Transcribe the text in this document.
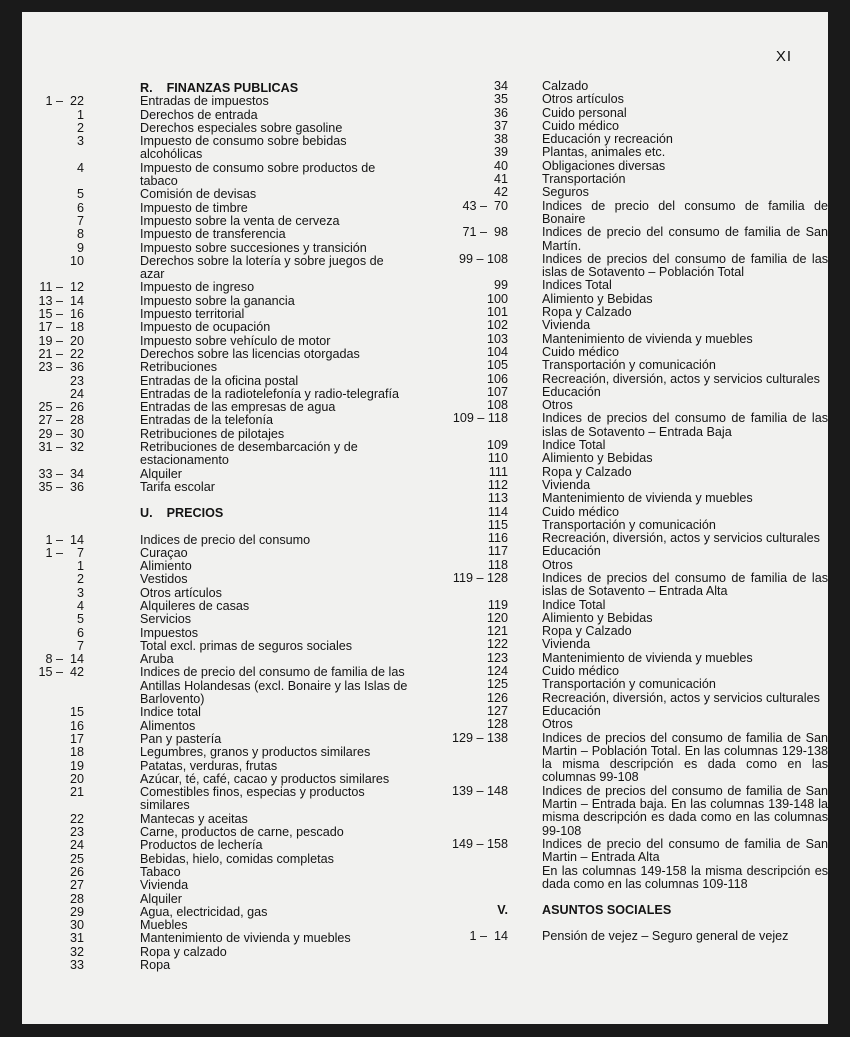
XI
R.    FINANZAS PUBLICAS
1 –  22	Entradas de impuestos
1	Derechos de entrada
2	Derechos especiales sobre gasoline
3	Impuesto de consumo sobre bebidas alcohólicas
4	Impuesto de consumo sobre productos de tabaco
5	Comisión de devisas
6	Impuesto de timbre
7	Impuesto sobre la venta de cerveza
8	Impuesto de transferencia
9	Impuesto sobre succesiones y transición
10	Derechos sobre la lotería y sobre juegos de azar
11 –  12	Impuesto de ingreso
13 –  14	Impuesto sobre la ganancia
15 –  16	Impuesto territorial
17 –  18	Impuesto de ocupación
19 –  20	Impuesto sobre vehículo de motor
21 –  22	Derechos sobre las licencias otorgadas
23 –  36	Retribuciones
23	Entradas de la oficina postal
24	Entradas de la radiotelefonía y radio-telegrafía
25 –  26	Entradas de las empresas de agua
27 –  28	Entradas de la telefonía
29 –  30	Retribuciones de pilotajes
31 –  32	Retribuciones de desembarcación y de estacionamento
33 –  34	Alquiler
35 –  36	Tarifa escolar
U.    PRECIOS
1 –  14	Indices de precio del consumo
1 –    7	Curaçao
1	Alimiento
2	Vestidos
3	Otros artículos
4	Alquileres de casas
5	Servicios
6	Impuestos
7	Total excl. primas de seguros sociales
8 –  14	Aruba
15 –  42	Indices de precio del consumo de familia de las Antillas Holandesas (excl. Bonaire y las Islas de Barlovento)
15	Indice total
16	Alimentos
17	Pan y pastería
18	Legumbres, granos y productos similares
19	Patatas, verduras, frutas
20	Azúcar, té, café, cacao y productos similares
21	Comestibles finos, especias y productos similares
22	Mantecas y aceitas
23	Carne, productos de carne, pescado
24	Productos de lechería
25	Bebidas, hielo, comidas completas
26	Tabaco
27	Vivienda
28	Alquiler
29	Agua, electricidad, gas
30	Muebles
31	Mantenimiento de vivienda y muebles
32	Ropa y calzado
33	Ropa
34	Calzado
35	Otros artículos
36	Cuido personal
37	Cuido médico
38	Educación y recreación
39	Plantas, animales etc.
40	Obligaciones diversas
41	Transportación
42	Seguros
43 –  70	Indices de precio del consumo de familia de Bonaire
71 –  98	Indices de precio del consumo de familia de San Martín.
99 – 108	Indices de precios del consumo de familia de las islas de Sotavento – Población Total
99	Indices Total
100	Alimiento y Bebidas
101	Ropa y Calzado
102	Vivienda
103	Mantenimiento de vivienda y muebles
104	Cuido médico
105	Transportación y comunicación
106	Recreación, diversión, actos y servicios culturales
107	Educación
108	Otros
109 – 118	Indices de precios del consumo de familia de las islas de Sotavento – Entrada Baja
109	Indice Total
110	Alimiento y Bebidas
111	Ropa y Calzado
112	Vivienda
113	Mantenimiento de vivienda y muebles
114	Cuido médico
115	Transportación y comunicación
116	Recreación, diversión, actos y servicios culturales
117	Educación
118	Otros
119 – 128	Indices de precios del consumo de familia de las islas de Sotavento – Entrada Alta
119	Indice Total
120	Alimiento y Bebidas
121	Ropa y Calzado
122	Vivienda
123	Mantenimiento de vivienda y muebles
124	Cuido médico
125	Transportación y comunicación
126	Recreación, diversión, actos y servicios culturales
127	Educación
128	Otros
129 – 138	Indices de precios del consumo de familia de San Martin – Población Total. En las columnas 129-138 la misma descripción es dada como en las columnas 99-108
139 – 148	Indices de precios del consumo de familia de San Martin – Entrada baja. En las columnas 139-148 la misma descripción es dada como en las columnas 99-108
149 – 158	Indices de precio del consumo de familia de San Martin – Entrada Alta
En las columnas 149-158 la misma descripción es dada como en las columnas 109-118
V.	ASUNTOS SOCIALES
1 –  14	Pensión de vejez – Seguro general de vejez
